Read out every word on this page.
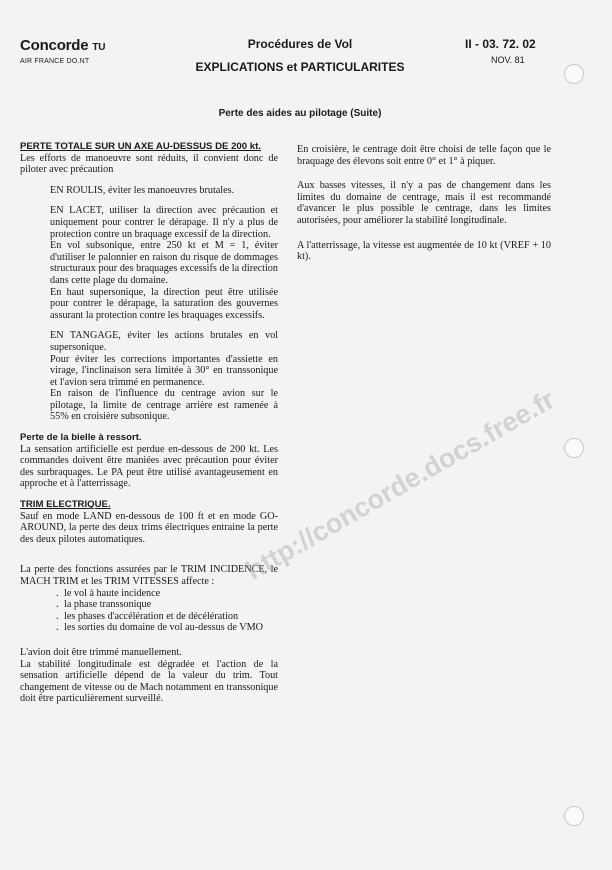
Concorde TU
AIR FRANCE DO.NT
Procédures de Vol
EXPLICATIONS et PARTICULARITES
II - 03. 72. 02
NOV. 81
Perte des aides au pilotage (Suite)
PERTE TOTALE SUR UN AXE AU-DESSUS DE 200 kt.

Les efforts de manoeuvre sont réduits, il convient donc de piloter avec précaution

EN ROULIS, éviter les manoeuvres brutales.

EN LACET, utiliser la direction avec précaution et uniquement pour contrer le dérapage. Il n'y a plus de protection contre un braquage excessif de la direction.

En vol subsonique, entre 250 kt et M = 1, éviter d'utiliser le palonnier en raison du risque de dommages structuraux pour des braquages excessifs de la direction dans cette plage du domaine.

En haut supersonique, la direction peut être utilisée pour contrer le dérapage, la saturation des gouvernes assurant la protection contre les braquages excessifs.

EN TANGAGE, éviter les actions brutales en vol supersonique.

Pour éviter les corrections importantes d'assiette en virage, l'inclinaison sera limitée à 30° en transsonique et l'avion sera trimmé en permanence.

En raison de l'influence du centrage avion sur le pilotage, la limite de centrage arrière est ramenée à 55% en croisière subsonique.

Perte de la bielle à ressort.

La sensation artificielle est perdue en-dessous de 200 kt. Les commandes doivent être maniées avec précaution pour éviter des surbraquages. Le PA peut être utilisé avantageusement en approche et à l'atterrissage.

TRIM ELECTRIQUE.

Sauf en mode LAND en-dessous de 100 ft et en mode GO-AROUND, la perte des deux trims électriques entraine la perte des deux pilotes automatiques.

La perte des fonctions assurées par le TRIM INCIDENCE, le MACH TRIM et les TRIM VITESSES affecte :

. le vol à haute incidence
. la phase transsonique
. les phases d'accélération et de décélération
. les sorties du domaine de vol au-dessus de VMO

L'avion doit être trimmé manuellement.

La stabilité longitudinale est dégradée et l'action de la sensation artificielle dépend de la valeur du trim. Tout changement de vitesse ou de Mach notamment en transsonique doit être particulièrement surveillé.

En croisière, le centrage doit être choisi de telle façon que le braquage des élevons soit entre 0° et 1° à piquer.

Aux basses vitesses, il n'y a pas de changement dans les limites du domaine de centrage, mais il est recommandé d'avancer le plus possible le centrage, dans les limites autorisées, pour améliorer la stabilité longitudinale.

A l'atterrissage, la vitesse est augmentée de 10 kt (VREF + 10 kt).

http://concorde.docs.free.fr
